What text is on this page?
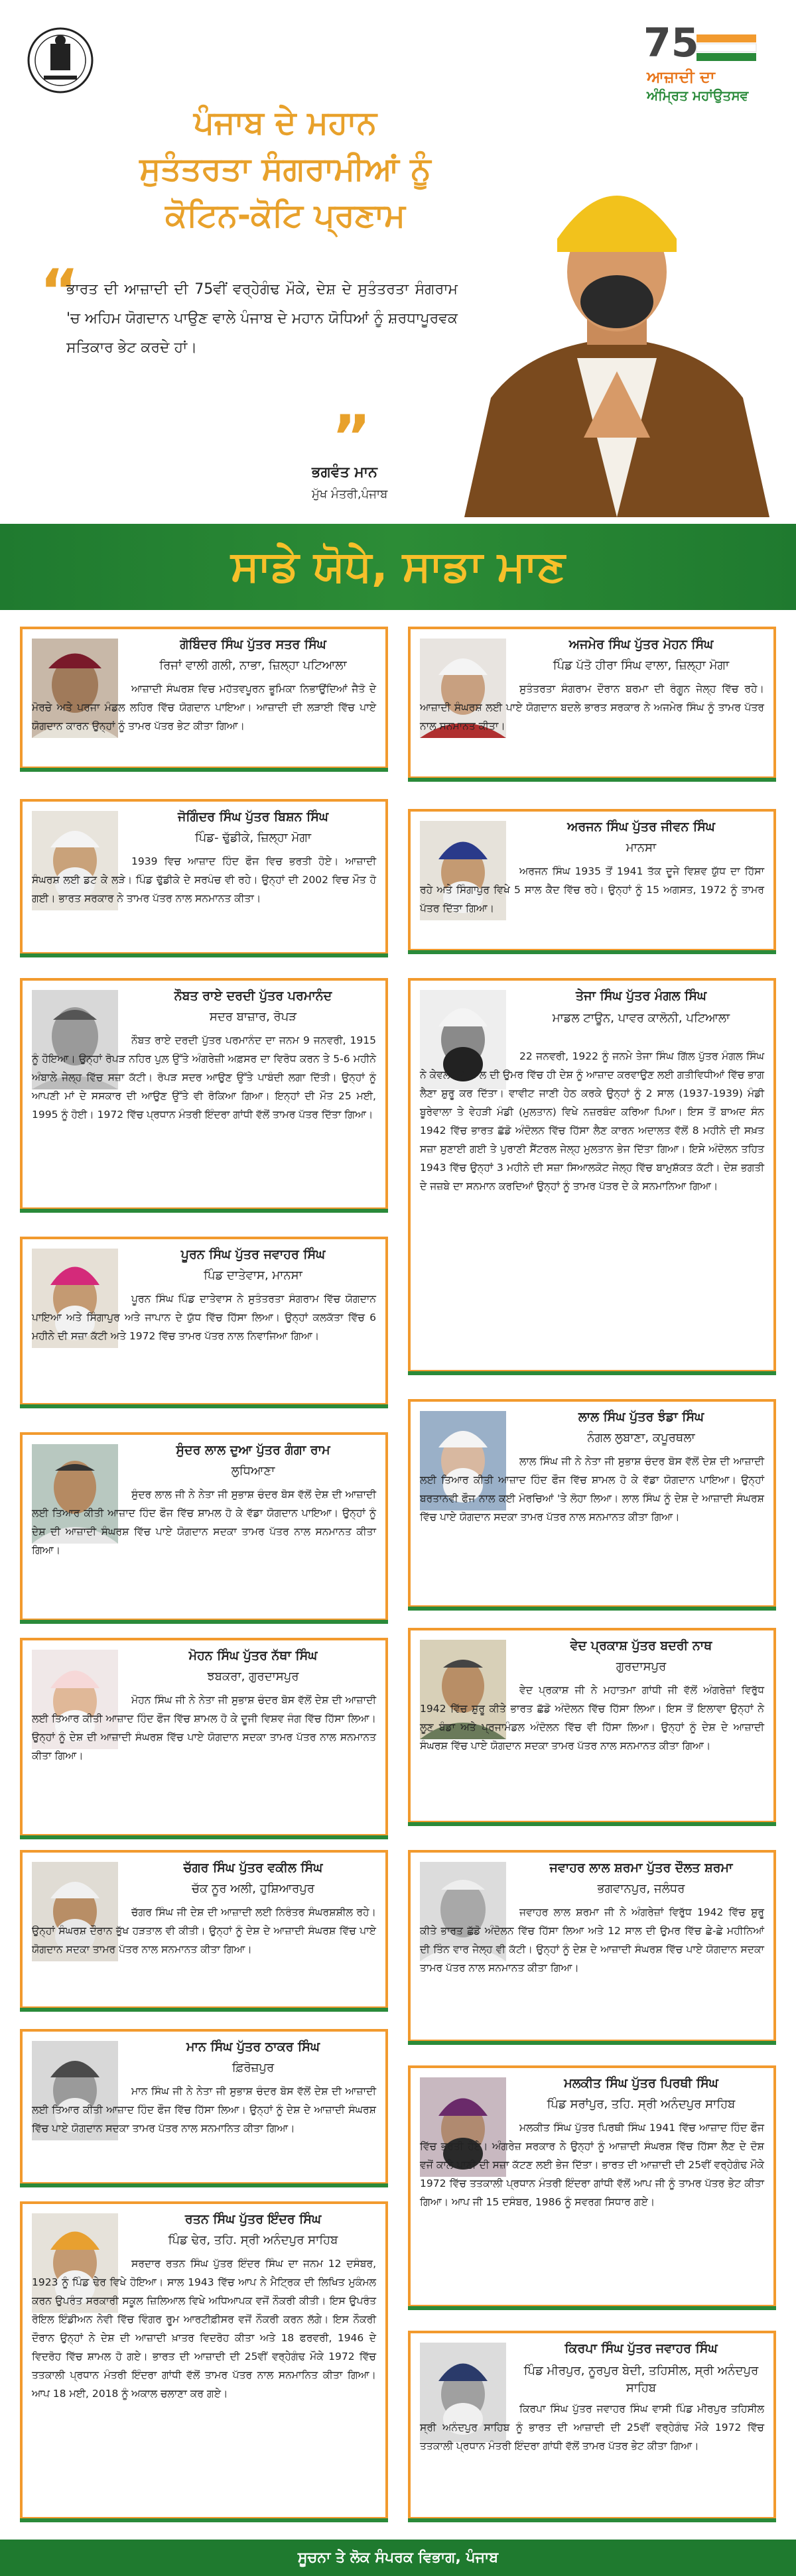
75
ਆਜ਼ਾਦੀ ਦਾ
ਅੰਮ੍ਰਿਤ ਮਹਾਂਉਤਸਵ
ਪੰਜਾਬ ਦੇ ਮਹਾਨ
ਸੁਤੰਤਰਤਾ ਸੰਗਰਾਮੀਆਂ ਨੂੰ
ਕੋਟਿਨ-ਕੋਟਿ ਪ੍ਰਣਾਮ
“
ਭਾਰਤ ਦੀ ਆਜ਼ਾਦੀ ਦੀ 75ਵੀਂ ਵਰ੍ਹੇਗੰਢ ਮੌਕੇ, ਦੇਸ਼ ਦੇ ਸੁਤੰਤਰਤਾ ਸੰਗਰਾਮ 'ਚ ਅਹਿਮ ਯੋਗਦਾਨ ਪਾਉਣ ਵਾਲੇ ਪੰਜਾਬ ਦੇ ਮਹਾਨ ਯੋਧਿਆਂ ਨੂੰ ਸ਼ਰਧਾਪੂਰਵਕ ਸਤਿਕਾਰ ਭੇਟ ਕਰਦੇ ਹਾਂ।
”
ਭਗਵੰਤ ਮਾਨ
ਮੁੱਖ ਮੰਤਰੀ,ਪੰਜਾਬ
ਸਾਡੇ ਯੋਧੇ, ਸਾਡਾ ਮਾਣ
ਗੋਬਿੰਦਰ ਸਿੰਘ ਪੁੱਤਰ ਸਤਰ ਸਿੰਘ
ਰਿਜਾਂ ਵਾਲੀ ਗਲੀ, ਨਾਭਾ, ਜ਼ਿਲ੍ਹਾ ਪਟਿਆਲਾ
ਆਜ਼ਾਦੀ ਸੰਘਰਸ਼ ਵਿਚ ਮਹੱਤਵਪੂਰਨ ਭੂਮਿਕਾ ਨਿਭਾਉਂਦਿਆਂ ਜੈਤੋ ਦੇ ਮੋਰਚੇ ਅਤੇ ਪਰਜਾ ਮੰਡਲ ਲਹਿਰ ਵਿੱਚ ਯੋਗਦਾਨ ਪਾਇਆ। ਆਜ਼ਾਦੀ ਦੀ ਲੜਾਈ ਵਿੱਚ ਪਾਏ ਯੋਗਦਾਨ ਕਾਰਨ ਉਨ੍ਹਾਂ ਨੂੰ ਤਾਮਰ ਪੱਤਰ ਭੇਟ ਕੀਤਾ ਗਿਆ।
ਜੋਗਿੰਦਰ ਸਿੰਘ ਪੁੱਤਰ ਬਿਸ਼ਨ ਸਿੰਘ
ਪਿੰਡ- ਢੁੱਡੀਕੇ, ਜ਼ਿਲ੍ਹਾ ਮੋਗਾ
1939 ਵਿਚ ਆਜ਼ਾਦ ਹਿੰਦ ਫੌਜ ਵਿਚ ਭਰਤੀ ਹੋਏ। ਆਜ਼ਾਦੀ ਸੰਘਰਸ਼ ਲਈ ਡਟ ਕੇ ਲੜੇ। ਪਿੰਡ ਢੁੱਡੀਕੇ ਦੇ ਸਰਪੰਚ ਵੀ ਰਹੇ। ਉਨ੍ਹਾਂ ਦੀ 2002 ਵਿਚ ਮੌਤ ਹੋ ਗਈ। ਭਾਰਤ ਸਰਕਾਰ ਨੇ ਤਾਮਰ ਪੱਤਰ ਨਾਲ ਸਨਮਾਨਤ ਕੀਤਾ।
ਨੌਬਤ ਰਾਏ ਦਰਦੀ ਪੁੱਤਰ ਪਰਮਾਨੰਦ
ਸਦਰ ਬਾਜ਼ਾਰ, ਰੋਪੜ
ਨੌਬਤ ਰਾਏ ਦਰਦੀ ਪੁੱਤਰ ਪਰਮਾਨੰਦ ਦਾ ਜਨਮ 9 ਜਨਵਰੀ, 1915 ਨੂੰ ਹੋਇਆ। ਉਨ੍ਹਾਂ ਰੋਪੜ ਨਹਿਰ ਪੁਲ਼ ਉੱਤੇ ਅੰਗਰੇਜ਼ੀ ਅਫ਼ਸਰ ਦਾ ਵਿਰੋਧ ਕਰਨ ਤੇ 5-6 ਮਹੀਨੇ ਅੰਬਾਲੇ ਜੇਲ੍ਹ ਵਿੱਚ ਸਜ਼ਾ ਕੱਟੀ। ਰੋਪੜ ਸਦਰ ਆਉਣ ਉੱਤੇ ਪਾਬੰਦੀ ਲਗਾ ਦਿੱਤੀ। ਉਨ੍ਹਾਂ ਨੂੰ ਆਪਣੀ ਮਾਂ ਦੇ ਸਸਕਾਰ ਦੀ ਆਉਣ ਉੱਤੇ ਵੀ ਰੋਕਿਆ ਗਿਆ। ਇਨ੍ਹਾਂ ਦੀ ਮੌਤ 25 ਮਈ, 1995 ਨੂੰ ਹੋਈ। 1972 ਵਿੱਚ ਪ੍ਰਧਾਨ ਮੰਤਰੀ ਇੰਦਰਾ ਗਾਂਧੀ ਵੱਲੋਂ ਤਾਮਰ ਪੱਤਰ ਦਿੱਤਾ ਗਿਆ।
ਪੂਰਨ ਸਿੰਘ ਪੁੱਤਰ ਜਵਾਹਰ ਸਿੰਘ
ਪਿੰਡ ਦਾਤੇਵਾਸ, ਮਾਨਸਾ
ਪੂਰਨ ਸਿੰਘ ਪਿੰਡ ਦਾਤੇਵਾਸ ਨੇ ਸੁਤੰਤਰਤਾ ਸੰਗਰਾਮ ਵਿੱਚ ਯੋਗਦਾਨ ਪਾਇਆ ਅਤੇ ਸਿੰਗਾਪੁਰ ਅਤੇ ਜਾਪਾਨ ਦੇ ਯੁੱਧ ਵਿੱਚ ਹਿੱਸਾ ਲਿਆ। ਉਨ੍ਹਾਂ ਕਲਕੱਤਾ ਵਿੱਚ 6 ਮਹੀਨੇ ਦੀ ਸਜ਼ਾ ਕੱਟੀ ਅਤੇ 1972 ਵਿੱਚ ਤਾਮਰ ਪੱਤਰ ਨਾਲ ਨਿਵਾਜਿਆ ਗਿਆ।
ਸੁੰਦਰ ਲਾਲ ਦੁਆ ਪੁੱਤਰ ਗੰਗਾ ਰਾਮ
ਲੁਧਿਆਣਾ
ਸੁੰਦਰ ਲਾਲ ਜੀ ਨੇ ਨੇਤਾ ਜੀ ਸੁਭਾਸ਼ ਚੰਦਰ ਬੋਸ ਵੱਲੋਂ ਦੇਸ਼ ਦੀ ਆਜ਼ਾਦੀ ਲਈ ਤਿਆਰ ਕੀਤੀ ਆਜ਼ਾਦ ਹਿੰਦ ਫੌਜ ਵਿੱਚ ਸ਼ਾਮਲ ਹੋ ਕੇ ਵੱਡਾ ਯੋਗਦਾਨ ਪਾਇਆ। ਉਨ੍ਹਾਂ ਨੂੰ ਦੇਸ਼ ਦੀ ਆਜ਼ਾਦੀ ਸੰਘਰਸ਼ ਵਿੱਚ ਪਾਏ ਯੋਗਦਾਨ ਸਦਕਾ ਤਾਮਰ ਪੱਤਰ ਨਾਲ ਸਨਮਾਨਤ ਕੀਤਾ ਗਿਆ।
ਮੋਹਨ ਸਿੰਘ ਪੁੱਤਰ ਨੱਥਾ ਸਿੰਘ
ਝਬਕਰਾ, ਗੁਰਦਾਸਪੁਰ
ਮੋਹਨ ਸਿੰਘ ਜੀ ਨੇ ਨੇਤਾ ਜੀ ਸੁਭਾਸ਼ ਚੰਦਰ ਬੋਸ ਵੱਲੋਂ ਦੇਸ਼ ਦੀ ਆਜ਼ਾਦੀ ਲਈ ਤਿਆਰ ਕੀਤੀ ਆਜ਼ਾਦ ਹਿੰਦ ਫੌਜ ਵਿੱਚ ਸ਼ਾਮਲ ਹੋ ਕੇ ਦੂਜੀ ਵਿਸ਼ਵ ਜੰਗ ਵਿੱਚ ਹਿੱਸਾ ਲਿਆ। ਉਨ੍ਹਾਂ ਨੂੰ ਦੇਸ਼ ਦੀ ਆਜ਼ਾਦੀ ਸੰਘਰਸ਼ ਵਿੱਚ ਪਾਏ ਯੋਗਦਾਨ ਸਦਕਾ ਤਾਮਰ ਪੱਤਰ ਨਾਲ ਸਨਮਾਨਤ ਕੀਤਾ ਗਿਆ।
ਚੱਗਰ ਸਿੰਘ ਪੁੱਤਰ ਵਕੀਲ ਸਿੰਘ
ਚੱਕ ਨੂਰ ਅਲੀ, ਹੁਸ਼ਿਆਰਪੁਰ
ਚੱਗਰ ਸਿੰਘ ਜੀ ਦੇਸ਼ ਦੀ ਆਜ਼ਾਦੀ ਲਈ ਨਿਰੰਤਰ ਸੰਘਰਸ਼ਸ਼ੀਲ ਰਹੇ। ਉਨ੍ਹਾਂ ਸੰਘਰਸ਼ ਦੌਰਾਨ ਭੁੱਖ ਹੜਤਾਲ ਵੀ ਕੀਤੀ। ਉਨ੍ਹਾਂ ਨੂੰ ਦੇਸ਼ ਦੇ ਆਜ਼ਾਦੀ ਸੰਘਰਸ਼ ਵਿੱਚ ਪਾਏ ਯੋਗਦਾਨ ਸਦਕਾ ਤਾਮਰ ਪੱਤਰ ਨਾਲ ਸਨਮਾਨਤ ਕੀਤਾ ਗਿਆ।
ਮਾਨ ਸਿੰਘ ਪੁੱਤਰ ਠਾਕਰ ਸਿੰਘ
ਫ਼ਿਰੋਜ਼ਪੁਰ
ਮਾਨ ਸਿੰਘ ਜੀ ਨੇ ਨੇਤਾ ਜੀ ਸੁਭਾਸ਼ ਚੰਦਰ ਬੋਸ ਵੱਲੋਂ ਦੇਸ਼ ਦੀ ਆਜ਼ਾਦੀ ਲਈ ਤਿਆਰ ਕੀਤੀ ਆਜ਼ਾਦ ਹਿੰਦ ਫੌਜ ਵਿੱਚ ਹਿੱਸਾ ਲਿਆ। ਉਨ੍ਹਾਂ ਨੂੰ ਦੇਸ਼ ਦੇ ਆਜ਼ਾਦੀ ਸੰਘਰਸ਼ ਵਿੱਚ ਪਾਏ ਯੋਗਦਾਨ ਸਦਕਾ ਤਾਮਰ ਪੱਤਰ ਨਾਲ ਸਨਮਾਨਿਤ ਕੀਤਾ ਗਿਆ।
ਰਤਨ ਸਿੰਘ ਪੁੱਤਰ ਇੰਦਰ ਸਿੰਘ
ਪਿੰਡ ਢੇਰ, ਤਹਿ. ਸ੍ਰੀ ਅਨੰਦਪੁਰ ਸਾਹਿਬ
ਸਰਦਾਰ ਰਤਨ ਸਿੰਘ ਪੁੱਤਰ ਇੰਦਰ ਸਿੰਘ ਦਾ ਜਨਮ 12 ਦਸੰਬਰ, 1923 ਨੂੰ ਪਿੰਡ ਢੇਰ ਵਿਖੇ ਹੋਇਆ। ਸਾਲ 1943 ਵਿੱਚ ਆਪ ਨੇ ਮੈਟ੍ਰਿਕ ਦੀ ਲਿਖਿਤ ਮੁਕੰਮਲ ਕਰਨ ਉਪਰੰਤ ਸਰਕਾਰੀ ਸਕੂਲ ਜ਼ਿਲਿਆਲ ਵਿਖੇ ਅਧਿਆਪਕ ਵਜੋਂ ਨੌਕਰੀ ਕੀਤੀ। ਇਸ ਉਪਰੰਤ ਰੋਇਲ ਇੰਡੀਅਨ ਨੇਵੀ ਵਿੱਚ ਵਿੰਗਰ ਰੂਮ ਆਰਟੀਫ਼ੀਸਰ ਵਜੋਂ ਨੌਕਰੀ ਕਰਨ ਲੱਗੇ। ਇਸ ਨੌਕਰੀ ਦੌਰਾਨ ਉਨ੍ਹਾਂ ਨੇ ਦੇਸ਼ ਦੀ ਆਜ਼ਾਦੀ ਖ਼ਾਤਰ ਵਿਦਰੋਹ ਕੀਤਾ ਅਤੇ 18 ਫਰਵਰੀ, 1946 ਦੇ ਵਿਦਰੋਹ ਵਿੱਚ ਸ਼ਾਮਲ ਹੋ ਗਏ। ਭਾਰਤ ਦੀ ਆਜ਼ਾਦੀ ਦੀ 25ਵੀਂ ਵਰ੍ਹੇਗੰਢ ਮੌਕੇ 1972 ਵਿੱਚ ਤਤਕਾਲੀ ਪ੍ਰਧਾਨ ਮੰਤਰੀ ਇੰਦਰਾ ਗਾਂਧੀ ਵੱਲੋਂ ਤਾਮਰ ਪੱਤਰ ਨਾਲ ਸਨਮਾਨਿਤ ਕੀਤਾ ਗਿਆ। ਆਪ 18 ਮਈ, 2018 ਨੂੰ ਅਕਾਲ ਚਲਾਣਾ ਕਰ ਗਏ।
ਅਜਮੇਰ ਸਿੰਘ ਪੁੱਤਰ ਮੋਹਨ ਸਿੰਘ
ਪਿੰਡ ਪੱਤੋ ਹੀਰਾ ਸਿੰਘ ਵਾਲਾ, ਜ਼ਿਲ੍ਹਾ ਮੋਗਾ
ਸੁਤੰਤਰਤਾ ਸੰਗਰਾਮ ਦੌਰਾਨ ਬਰਮਾ ਦੀ ਰੰਗੂਨ ਜੇਲ੍ਹ ਵਿੱਚ ਰਹੇ। ਆਜ਼ਾਦੀ ਸੰਘਰਸ਼ ਲਈ ਪਾਏ ਯੋਗਦਾਨ ਬਦਲੇ ਭਾਰਤ ਸਰਕਾਰ ਨੇ ਅਜਮੇਰ ਸਿੰਘ ਨੂੰ ਤਾਮਰ ਪੱਤਰ ਨਾਲ ਸਨਮਾਨਤ ਕੀਤਾ।
ਅਰਜਨ ਸਿੰਘ ਪੁੱਤਰ ਜੀਵਨ ਸਿੰਘ
ਮਾਨਸਾ
ਅਰਜਨ ਸਿੰਘ 1935 ਤੋਂ 1941 ਤੱਕ ਦੂਜੇ ਵਿਸ਼ਵ ਯੁੱਧ ਦਾ ਹਿੱਸਾ ਰਹੇ ਅਤੇ ਸਿੰਗਾਪੁਰ ਵਿਖੇ 5 ਸਾਲ ਕੈਦ ਵਿੱਚ ਰਹੇ। ਉਨ੍ਹਾਂ ਨੂੰ 15 ਅਗਸਤ, 1972 ਨੂੰ ਤਾਮਰ ਪੱਤਰ ਦਿੱਤਾ ਗਿਆ।
ਤੇਜਾ ਸਿੰਘ ਪੁੱਤਰ ਮੰਗਲ ਸਿੰਘ
ਮਾਡਲ ਟਾਊਨ, ਪਾਵਰ ਕਾਲੋਨੀ, ਪਟਿਆਲਾ
22 ਜਨਵਰੀ, 1922 ਨੂੰ ਜਨਮੇ ਤੇਜਾ ਸਿੰਘ ਗਿੱਲ ਪੁੱਤਰ ਮੰਗਲ ਸਿੰਘ ਨੇ ਕੇਵਲ 14 ਸਾਲ ਦੀ ਉਮਰ ਵਿੱਚ ਹੀ ਦੇਸ਼ ਨੂੰ ਆਜ਼ਾਦ ਕਰਵਾਉਣ ਲਈ ਗਤੀਵਿਧੀਆਂ ਵਿੱਚ ਭਾਗ ਲੈਣਾ ਸ਼ੁਰੂ ਕਰ ਦਿੱਤਾ। ਵਾਵੀਟ ਜਾਣੀ ਹੇਠ ਕਰਕੇ ਉਨ੍ਹਾਂ ਨੂੰ 2 ਸਾਲ (1937-1939) ਮੰਡੀ ਬੂਰੇਵਾਲਾ ਤੇ ਵੇਹੜੀ ਮੰਡੀ (ਮੁਲਤਾਨ) ਵਿਖੇ ਨਜ਼ਰਬੰਦ ਕਰਿਆ ਪਿਆ। ਇਸ ਤੋਂ ਬਾਅਦ ਸੰਨ 1942 ਵਿੱਚ ਭਾਰਤ ਛੱਡੋ ਅੰਦੋਲਨ ਵਿੱਚ ਹਿੱਸਾ ਲੈਣ ਕਾਰਨ ਅਦਾਲਤ ਵੱਲੋਂ 8 ਮਹੀਨੇ ਦੀ ਸਖ਼ਤ ਸਜ਼ਾ ਸੁਣਾਈ ਗਈ ਤੇ ਪੁਰਾਣੀ ਸੈਂਟਰਲ ਜੇਲ੍ਹ ਮੁਲਤਾਨ ਭੇਜ ਦਿੱਤਾ ਗਿਆ। ਇਸੇ ਅੰਦੋਲਨ ਤਹਿਤ 1943 ਵਿੱਚ ਉਨ੍ਹਾਂ 3 ਮਹੀਨੇ ਦੀ ਸਜ਼ਾ ਸਿਆਲਕੋਟ ਜੇਲ੍ਹ ਵਿੱਚ ਬਾਮੁਸ਼ੱਕਤ ਕੱਟੀ। ਦੇਸ਼ ਭਗਤੀ ਦੇ ਜਜ਼ਬੇ ਦਾ ਸਨਮਾਨ ਕਰਦਿਆਂ ਉਨ੍ਹਾਂ ਨੂੰ ਤਾਮਰ ਪੱਤਰ ਦੇ ਕੇ ਸਨਮਾਨਿਆ ਗਿਆ।
ਲਾਲ ਸਿੰਘ ਪੁੱਤਰ ਝੰਡਾ ਸਿੰਘ
ਨੰਗਲ ਲੁਬਾਣਾ, ਕਪੂਰਥਲਾ
ਲਾਲ ਸਿੰਘ ਜੀ ਨੇ ਨੇਤਾ ਜੀ ਸੁਭਾਸ਼ ਚੰਦਰ ਬੋਸ ਵੱਲੋਂ ਦੇਸ਼ ਦੀ ਆਜ਼ਾਦੀ ਲਈ ਤਿਆਰ ਕੀਤੀ ਆਜ਼ਾਦ ਹਿੰਦ ਫੌਜ ਵਿੱਚ ਸ਼ਾਮਲ ਹੋ ਕੇ ਵੱਡਾ ਯੋਗਦਾਨ ਪਾਇਆ। ਉਨ੍ਹਾਂ ਬਰਤਾਨਵੀ ਫੌਜ ਨਾਲ ਕਈ ਮੋਰਚਿਆਂ 'ਤੇ ਲੋਹਾ ਲਿਆ। ਲਾਲ ਸਿੰਘ ਨੂੰ ਦੇਸ਼ ਦੇ ਆਜ਼ਾਦੀ ਸੰਘਰਸ਼ ਵਿੱਚ ਪਾਏ ਯੋਗਦਾਨ ਸਦਕਾ ਤਾਮਰ ਪੱਤਰ ਨਾਲ ਸਨਮਾਨਤ ਕੀਤਾ ਗਿਆ।
ਵੇਦ ਪ੍ਰਕਾਸ਼ ਪੁੱਤਰ ਬਦਰੀ ਨਾਥ
ਗੁਰਦਾਸਪੁਰ
ਵੇਦ ਪ੍ਰਕਾਸ਼ ਜੀ ਨੇ ਮਹਾਤਮਾ ਗਾਂਧੀ ਜੀ ਵੱਲੋਂ ਅੰਗਰੇਜ਼ਾਂ ਵਿਰੁੱਧ 1942 ਵਿੱਚ ਸ਼ੁਰੂ ਕੀਤੇ ਭਾਰਤ ਛੱਡੋ ਅੰਦੋਲਨ ਵਿੱਚ ਹਿੱਸਾ ਲਿਆ। ਇਸ ਤੋਂ ਇਲਾਵਾ ਉਨ੍ਹਾਂ ਨੇ ਲੂਣ ਬੰਡਾ ਅਤੇ ਪ੍ਰਜਾਮੰਡਲ ਅੰਦੋਲਨ ਵਿੱਚ ਵੀ ਹਿੱਸਾ ਲਿਆ। ਉਨ੍ਹਾਂ ਨੂੰ ਦੇਸ਼ ਦੇ ਆਜ਼ਾਦੀ ਸੰਘਰਸ਼ ਵਿੱਚ ਪਾਏ ਯੋਗਦਾਨ ਸਦਕਾ ਤਾਮਰ ਪੱਤਰ ਨਾਲ ਸਨਮਾਨਤ ਕੀਤਾ ਗਿਆ।
ਜਵਾਹਰ ਲਾਲ ਸ਼ਰਮਾ ਪੁੱਤਰ ਦੌਲਤ ਸ਼ਰਮਾ
ਭਗਵਾਨਪੁਰ, ਜਲੰਧਰ
ਜਵਾਹਰ ਲਾਲ ਸ਼ਰਮਾ ਜੀ ਨੇ ਅੰਗਰੇਜ਼ਾਂ ਵਿਰੁੱਧ 1942 ਵਿੱਚ ਸ਼ੁਰੂ ਕੀਤੇ ਭਾਰਤ ਛੱਡੋ ਅੰਦੋਲਨ ਵਿੱਚ ਹਿੱਸਾ ਲਿਆ ਅਤੇ 12 ਸਾਲ ਦੀ ਉਮਰ ਵਿੱਚ ਛੇ-ਛੇ ਮਹੀਨਿਆਂ ਦੀ ਤਿੰਨ ਵਾਰ ਜੇਲ੍ਹ ਵੀ ਕੱਟੀ। ਉਨ੍ਹਾਂ ਨੂੰ ਦੇਸ਼ ਦੇ ਆਜ਼ਾਦੀ ਸੰਘਰਸ਼ ਵਿੱਚ ਪਾਏ ਯੋਗਦਾਨ ਸਦਕਾ ਤਾਮਰ ਪੱਤਰ ਨਾਲ ਸਨਮਾਨਤ ਕੀਤਾ ਗਿਆ।
ਮਲਕੀਤ ਸਿੰਘ ਪੁੱਤਰ ਪਿਰਥੀ ਸਿੰਘ
ਪਿੰਡ ਸਰਾਂਪੁਰ, ਤਹਿ. ਸ੍ਰੀ ਅਨੰਦਪੁਰ ਸਾਹਿਬ
ਮਲਕੀਤ ਸਿੰਘ ਪੁੱਤਰ ਪਿਰਥੀ ਸਿੰਘ 1941 ਵਿੱਚ ਆਜ਼ਾਦ ਹਿੰਦ ਫੌਜ ਵਿੱਚ ਭਰਤੀ ਹੋਏ। ਅੰਗਰੇਜ਼ ਸਰਕਾਰ ਨੇ ਉਨ੍ਹਾਂ ਨੂੰ ਆਜ਼ਾਦੀ ਸੰਘਰਸ਼ ਵਿੱਚ ਹਿੱਸਾ ਲੈਣ ਦੇ ਦੋਸ਼ ਵਜੋਂ ਕਾਲੇ ਪਾਣੀ ਦੀ ਸਜ਼ਾ ਕੱਟਣ ਲਈ ਭੇਜ ਦਿੱਤਾ। ਭਾਰਤ ਦੀ ਆਜ਼ਾਦੀ ਦੀ 25ਵੀਂ ਵਰ੍ਹੇਗੰਢ ਮੌਕੇ 1972 ਵਿੱਚ ਤਤਕਾਲੀ ਪ੍ਰਧਾਨ ਮੰਤਰੀ ਇੰਦਰਾ ਗਾਂਧੀ ਵੱਲੋਂ ਆਪ ਜੀ ਨੂੰ ਤਾਮਰ ਪੱਤਰ ਭੇਟ ਕੀਤਾ ਗਿਆ। ਆਪ ਜੀ 15 ਦਸੰਬਰ, 1986 ਨੂੰ ਸਵਰਗ ਸਿਧਾਰ ਗਏ।
ਕਿਰਪਾ ਸਿੰਘ ਪੁੱਤਰ ਜਵਾਹਰ ਸਿੰਘ
ਪਿੰਡ ਮੀਰਪੁਰ, ਨੂਰਪੁਰ ਬੇਦੀ, ਤਹਿਸੀਲ, ਸ੍ਰੀ ਅਨੰਦਪੁਰ ਸਾਹਿਬ
ਕਿਰਪਾ ਸਿੰਘ ਪੁੱਤਰ ਜਵਾਹਰ ਸਿੰਘ ਵਾਸੀ ਪਿੰਡ ਮੀਰਪੁਰ ਤਹਿਸੀਲ ਸ੍ਰੀ ਅਨੰਦਪੁਰ ਸਾਹਿਬ ਨੂੰ ਭਾਰਤ ਦੀ ਆਜ਼ਾਦੀ ਦੀ 25ਵੀਂ ਵਰ੍ਹੇਗੰਢ ਮੌਕੇ 1972 ਵਿੱਚ ਤਤਕਾਲੀ ਪ੍ਰਧਾਨ ਮੰਤਰੀ ਇੰਦਰਾ ਗਾਂਧੀ ਵੱਲੋਂ ਤਾਮਰ ਪੱਤਰ ਭੇਟ ਕੀਤਾ ਗਿਆ।
ਸੂਚਨਾ ਤੇ ਲੋਕ ਸੰਪਰਕ ਵਿਭਾਗ, ਪੰਜਾਬ
